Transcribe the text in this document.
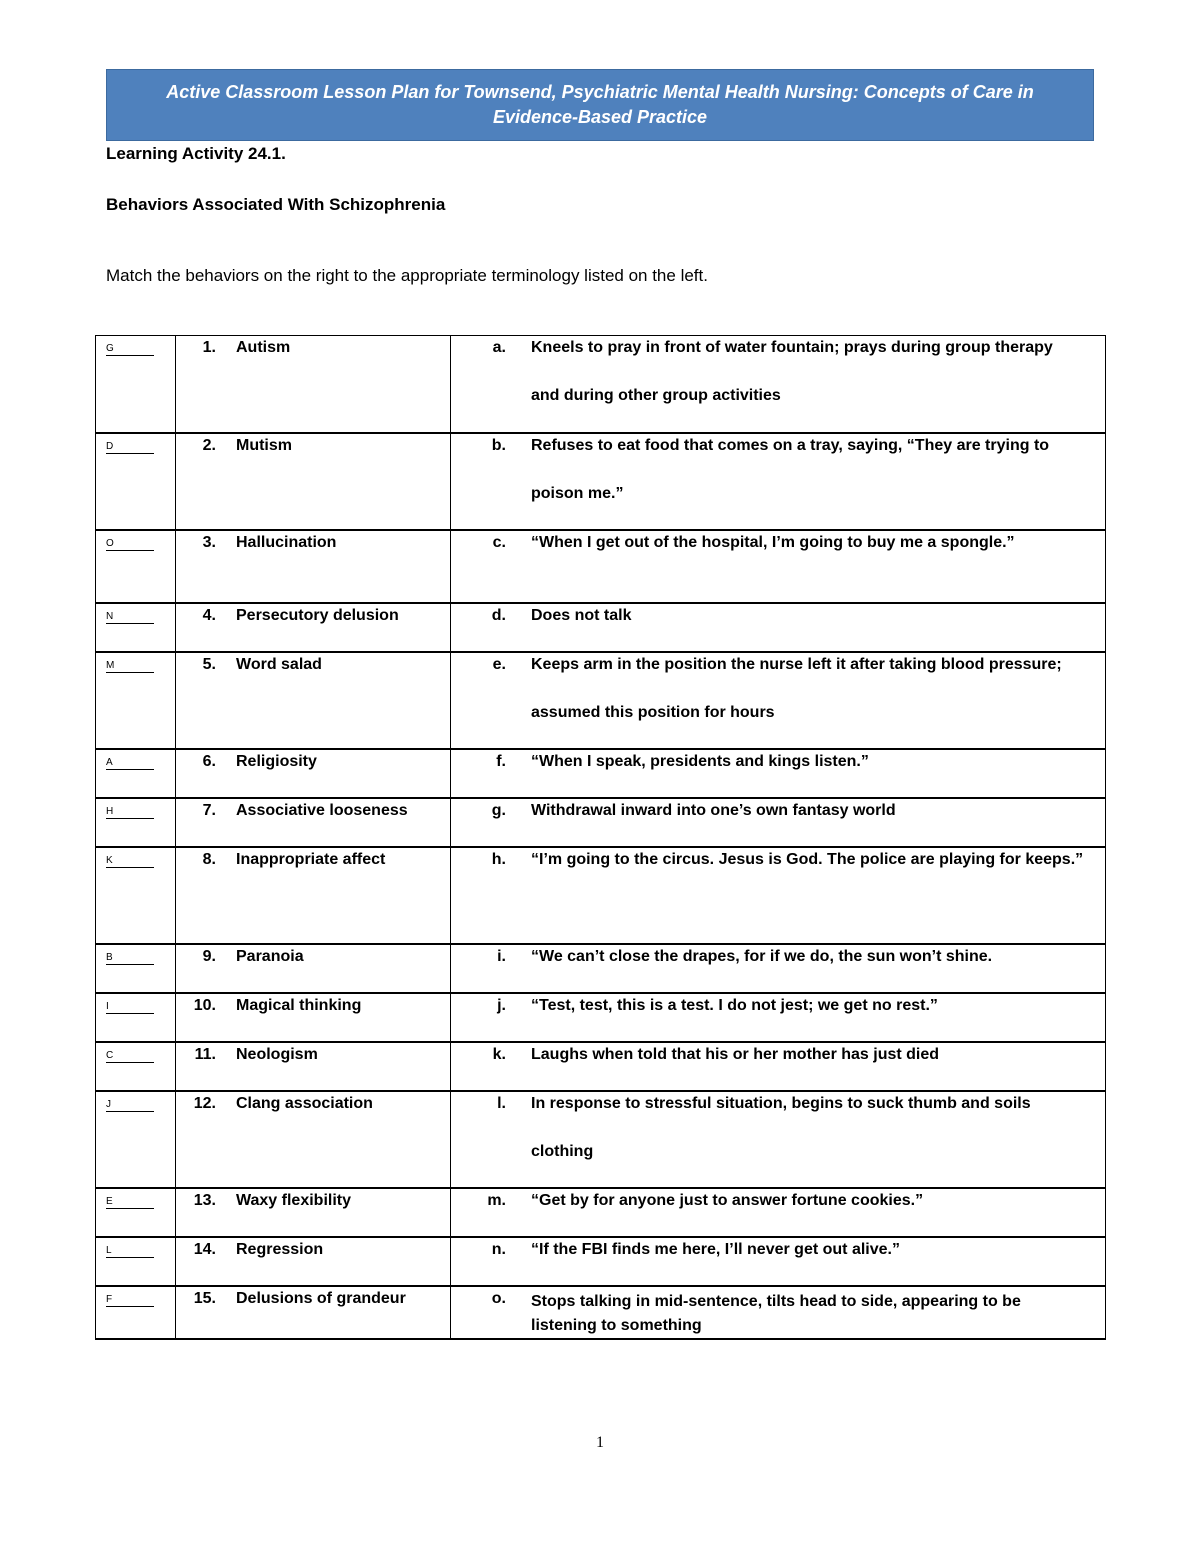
Active Classroom Lesson Plan for Townsend, Psychiatric Mental Health Nursing: Concepts of Care in Evidence-Based Practice
Learning Activity 24.1.
Behaviors Associated With Schizophrenia
Match the behaviors on the right to the appropriate terminology listed on the left.
G	1. Autism	a. Kneels to pray in front of water fountain; prays during group therapy and during other group activities

D	2. Mutism	b. Refuses to eat food that comes on a tray, saying, “They are trying to poison me.”

O	3. Hallucination	c. “When I get out of the hospital, I’m going to buy me a spongle.”

N	4. Persecutory delusion	d. Does not talk

M	5. Word salad	e. Keeps arm in the position the nurse left it after taking blood pressure; assumed this position for hours

A	6. Religiosity	f. “When I speak, presidents and kings listen.”

H	7. Associative looseness	g. Withdrawal inward into one’s own fantasy world

K	8. Inappropriate affect	h. “I’m going to the circus. Jesus is God. The police are playing for keeps.”

B	9. Paranoia	i. “We can’t close the drapes, for if we do, the sun won’t shine.

I	10. Magical thinking	j. “Test, test, this is a test. I do not jest; we get no rest.”

C	11. Neologism	k. Laughs when told that his or her mother has just died

J	12. Clang association	l. In response to stressful situation, begins to suck thumb and soils clothing

E	13. Waxy flexibility	m. “Get by for anyone just to answer fortune cookies.”

L	14. Regression	n. “If the FBI finds me here, I’ll never get out alive.”

F	15. Delusions of grandeur	o. Stops talking in mid-sentence, tilts head to side, appearing to be listening to something
1
